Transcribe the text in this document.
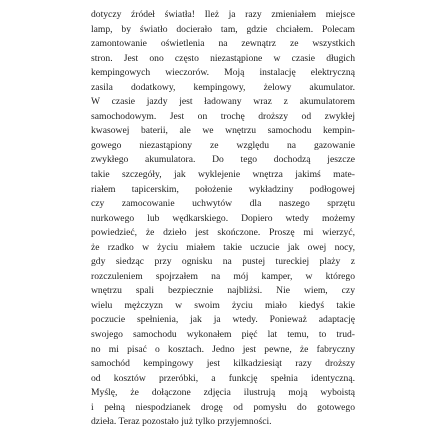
dotyczy źródeł światła! Ileż ja razy zmieniałem miejsce
lamp, by światło docierało tam, gdzie chciałem. Polecam
zamontowanie oświetlenia na zewnątrz ze wszystkich
stron. Jest ono często niezastąpione w czasie długich
kempingowych wieczorów. Moją instalację elektryczną
zasila dodatkowy, kempingowy, żelowy akumulator.
W czasie jazdy jest ładowany wraz z akumulatorem
samochodowym. Jest on trochę droższy od zwykłej
kwasowej baterii, ale we wnętrzu samochodu kempin-
gowego niezastąpiony ze względu na gazowanie
zwykłego akumulatora. Do tego dochodzą jeszcze
takie szczegóły, jak wyklejenie wnętrza jakimś mate-
riałem tapicerskim, położenie wykładziny podłogowej
czy zamocowanie uchwytów dla naszego sprzętu
nurkowego lub wędkarskiego. Dopiero wtedy możemy
powiedzieć, że dzieło jest skończone. Proszę mi wierzyć,
że rzadko w życiu miałem takie uczucie jak owej nocy,
gdy siedząc przy ognisku na pustej tureckiej plaży z
rozczuleniem spojrzałem na mój kamper, w którego
wnętrzu spali bezpiecznie najbliżsi. Nie wiem, czy
wielu mężczyzn w swoim życiu miało kiedyś takie
poczucie spełnienia, jak ja wtedy. Ponieważ adaptację
swojego samochodu wykonałem pięć lat temu, to trud-
no mi pisać o kosztach. Jedno jest pewne, że fabryczny
samochód kempingowy jest kilkadziesiąt razy droższy
od kosztów przeróbki, a funkcję spełnia identyczną.
Myślę, że dołączone zdjęcia ilustrują moją wyboistą
i pełną niespodzianek drogę od pomysłu do gotowego
dzieła. Teraz pozostało już tylko przyjemności.
